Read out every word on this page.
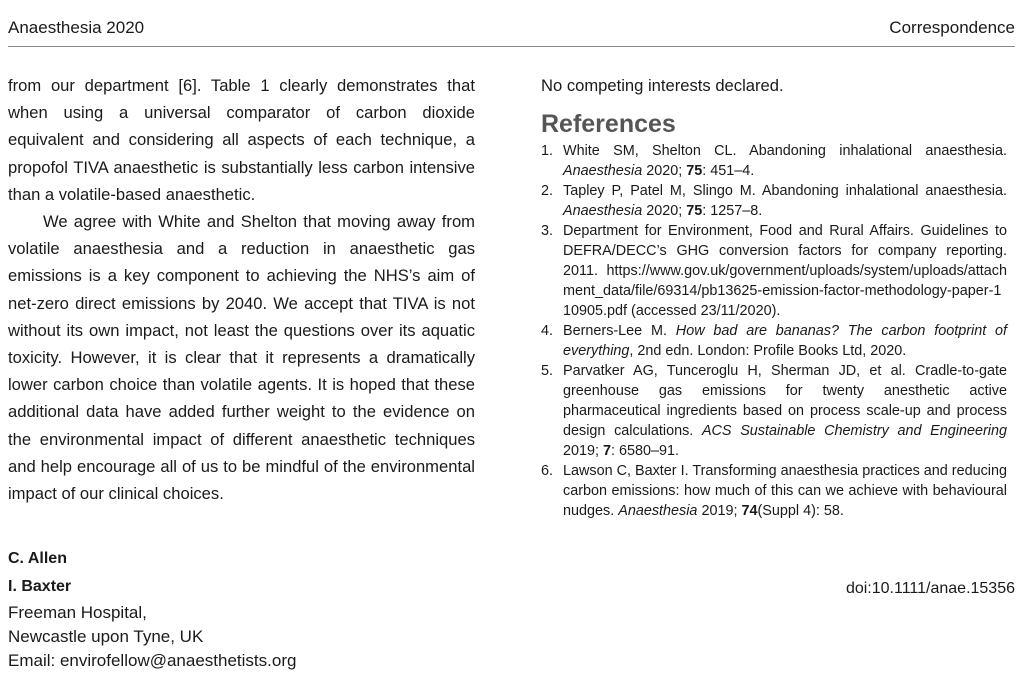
Anaesthesia 2020	Correspondence

from our department [6]. Table 1 clearly demonstrates that when using a universal comparator of carbon dioxide equivalent and considering all aspects of each technique, a propofol TIVA anaesthetic is substantially less carbon intensive than a volatile-based anaesthetic.

We agree with White and Shelton that moving away from volatile anaesthesia and a reduction in anaesthetic gas emissions is a key component to achieving the NHS’s aim of net-zero direct emissions by 2040. We accept that TIVA is not without its own impact, not least the questions over its aquatic toxicity. However, it is clear that it represents a dramatically lower carbon choice than volatile agents. It is hoped that these additional data have added further weight to the evidence on the environmental impact of different anaesthetic techniques and help encourage all of us to be mindful of the environmental impact of our clinical choices.

C. Allen
I. Baxter
Freeman Hospital,
Newcastle upon Tyne, UK
Email: envirofellow@anaesthetists.org

No competing interests declared.

References
1. White SM, Shelton CL. Abandoning inhalational anaesthesia. Anaesthesia 2020; 75: 451–4.
2. Tapley P, Patel M, Slingo M. Abandoning inhalational anaesthesia. Anaesthesia 2020; 75: 1257–8.
3. Department for Environment, Food and Rural Affairs. Guidelines to DEFRA/DECC’s GHG conversion factors for company reporting. 2011. https://www.gov.uk/government/uploads/system/uploads/attachment_data/file/69314/pb13625-emission-factor-methodology-paper-110905.pdf (accessed 23/11/2020).
4. Berners-Lee M. How bad are bananas? The carbon footprint of everything, 2nd edn. London: Profile Books Ltd, 2020.
5. Parvatker AG, Tunceroglu H, Sherman JD, et al. Cradle-to-gate greenhouse gas emissions for twenty anesthetic active pharmaceutical ingredients based on process scale-up and process design calculations. ACS Sustainable Chemistry and Engineering 2019; 7: 6580–91.
6. Lawson C, Baxter I. Transforming anaesthesia practices and reducing carbon emissions: how much of this can we achieve with behavioural nudges. Anaesthesia 2019; 74(Suppl 4): 58.
doi:10.1111/anae.15356
